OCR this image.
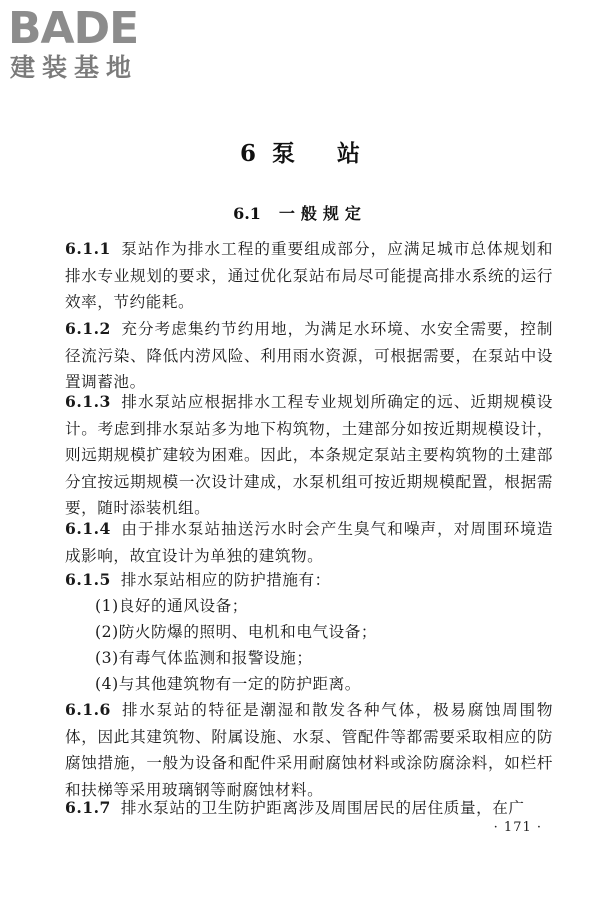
BADE
建装基地
6 泵 站
6.1 一般规定
6.1.1 泵站作为排水工程的重要组成部分，应满足城市总体规划和排水专业规划的要求，通过优化泵站布局尽可能提高排水系统的运行效率，节约能耗。
6.1.2 充分考虑集约节约用地，为满足水环境、水安全需要，控制径流污染、降低内涝风险、利用雨水资源，可根据需要，在泵站中设置调蓄池。
6.1.3 排水泵站应根据排水工程专业规划所确定的远、近期规模设计。考虑到排水泵站多为地下构筑物，土建部分如按近期规模设计，则远期规模扩建较为困难。因此，本条规定泵站主要构筑物的土建部分宜按远期规模一次设计建成，水泵机组可按近期规模配置，根据需要，随时添装机组。
6.1.4 由于排水泵站抽送污水时会产生臭气和噪声，对周围环境造成影响，故宜设计为单独的建筑物。
6.1.5 排水泵站相应的防护措施有：
(1)良好的通风设备；
(2)防火防爆的照明、电机和电气设备；
(3)有毒气体监测和报警设施；
(4)与其他建筑物有一定的防护距离。
6.1.6 排水泵站的特征是潮湿和散发各种气体，极易腐蚀周围物体，因此其建筑物、附属设施、水泵、管配件等都需要采取相应的防腐蚀措施，一般为设备和配件采用耐腐蚀材料或涂防腐涂料，如栏杆和扶梯等采用玻璃钢等耐腐蚀材料。
6.1.7 排水泵站的卫生防护距离涉及周围居民的居住质量，在广
· 171 ·
